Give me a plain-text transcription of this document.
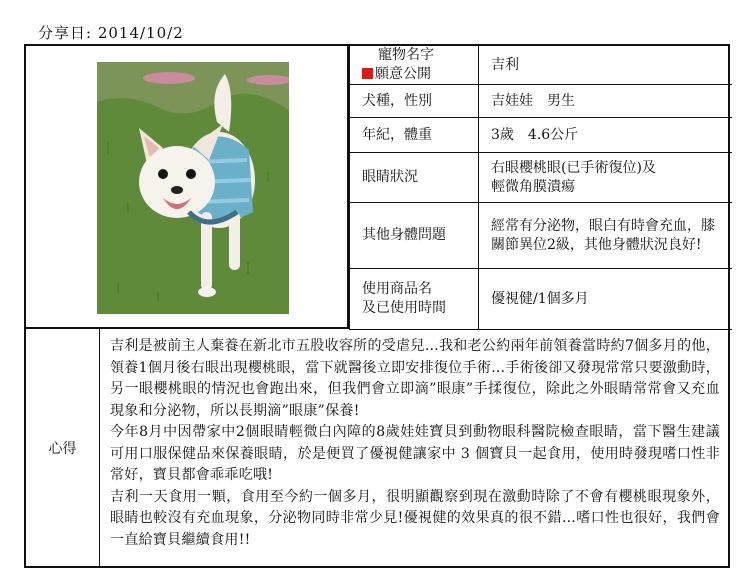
分享日: 2014/10/2
寵物名字
願意公開	吉利
犬種，性別	吉娃娃　男生
年紀，體重	3歲　4.6公斤
眼睛狀況	右眼櫻桃眼(已手術復位)及
輕微角膜潰瘍

其他身體問題	經常有分泌物，眼白有時會充血，膝關節異位2級，其他身體狀況良好!

使用商品名
及已使用時間	優視健/1個多月
心得

吉利是被前主人棄養在新北市五股收容所的受虐兒…我和老公約兩年前領養當時約7個多月的他，領養1個月後右眼出現櫻桃眼，當下就醫後立即安排復位手術…手術後卻又發現常常只要激動時，另一眼櫻桃眼的情況也會跑出來，但我們會立即滴”眼康”手揉復位，除此之外眼睛常常會又充血現象和分泌物，所以長期滴”眼康”保養!

今年8月中因帶家中2個眼睛輕微白內障的8歲娃娃寶貝到動物眼科醫院檢查眼睛，當下醫生建議可用口服保健品來保養眼睛，於是便買了優視健讓家中 3 個寶貝一起食用，使用時發現嗜口性非常好，寶貝都會乖乖吃哦!

吉利一天食用一顆，食用至今約一個多月，很明顯觀察到現在激動時除了不會有櫻桃眼現象外，眼睛也較沒有充血現象，分泌物同時非常少見!優視健的效果真的很不錯…嗜口性也很好，我們會一直給寶貝繼續食用!!
